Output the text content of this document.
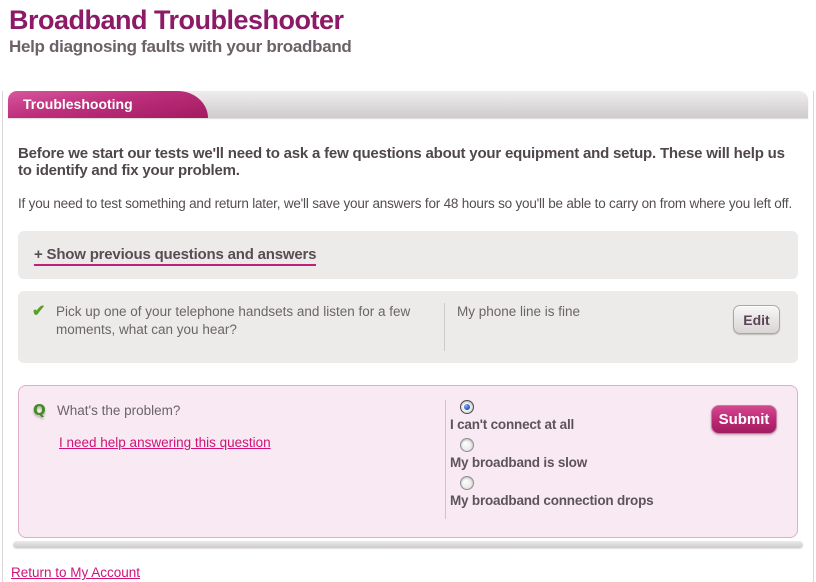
Broadband Troubleshooter
Help diagnosing faults with your broadband
Troubleshooting

Before we start our tests we'll need to ask a few questions about your equipment and setup. These will help us to identify and fix your problem.

If you need to test something and return later, we'll save your answers for 48 hours so you'll be able to carry on from where you left off.

+ Show previous questions and answers
✔ Pick up one of your telephone handsets and listen for a few moments, what can you hear?
My phone line is fine	Edit
Q What's the problem?
I need help answering this question
I can't connect at all
My broadband is slow
My broadband connection drops
Submit
Return to My Account
